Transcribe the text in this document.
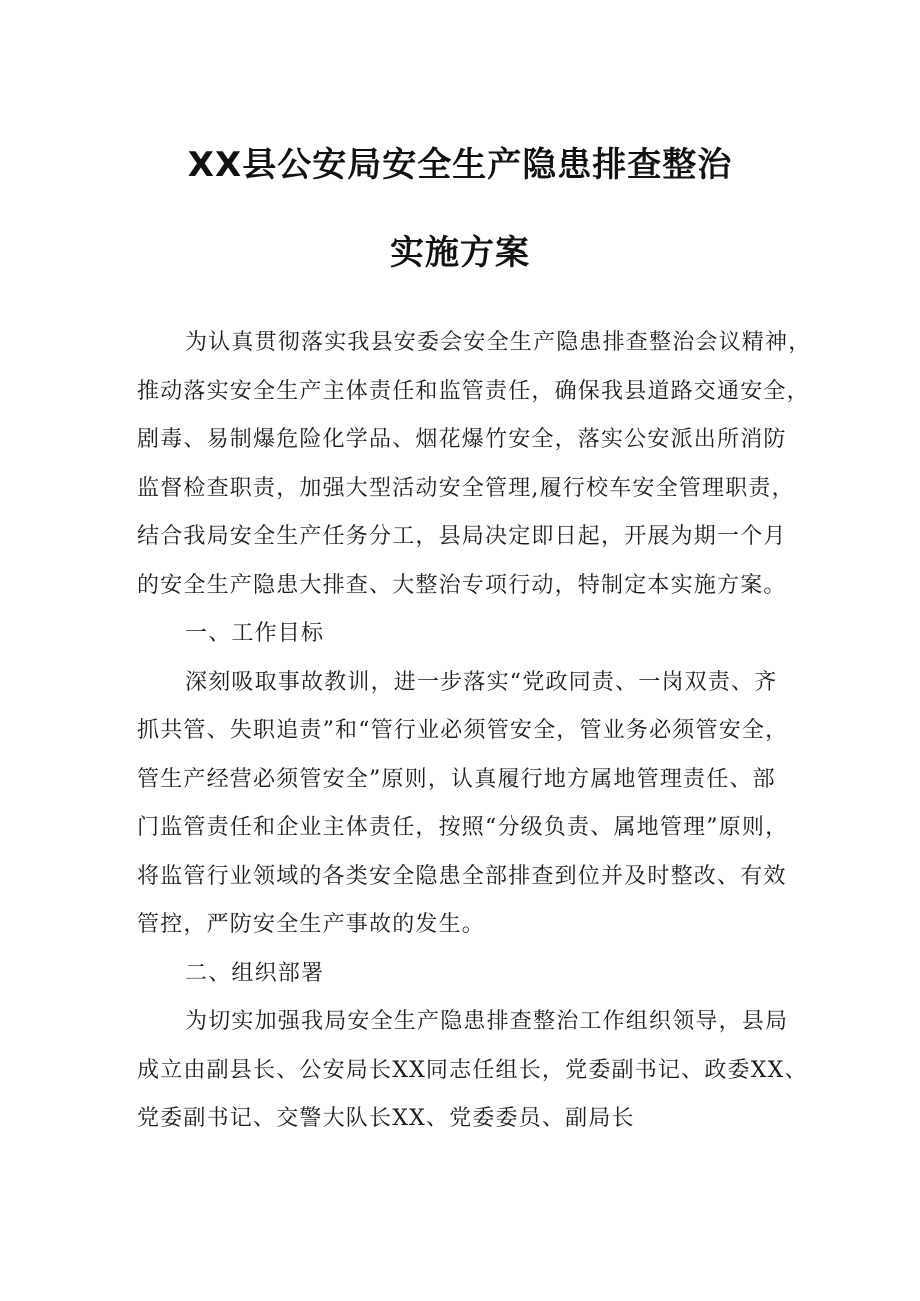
XX县公安局安全生产隐患排查整治
实施方案
为认真贯彻落实我县安委会安全生产隐患排查整治会议精神，
推动落实安全生产主体责任和监管责任，确保我县道路交通安全，
剧毒、易制爆危险化学品、烟花爆竹安全，落实公安派出所消防
监督检查职责，加强大型活动安全管理,履行校车安全管理职责，
结合我局安全生产任务分工，县局决定即日起，开展为期一个月
的安全生产隐患大排查、大整治专项行动，特制定本实施方案。
一、工作目标
深刻吸取事故教训，进一步落实“党政同责、一岗双责、齐
抓共管、失职追责”和“管行业必须管安全，管业务必须管安全，
管生产经营必须管安全”原则，认真履行地方属地管理责任、部
门监管责任和企业主体责任，按照“分级负责、属地管理”原则，
将监管行业领域的各类安全隐患全部排查到位并及时整改、有效
管控，严防安全生产事故的发生。
二、组织部署
为切实加强我局安全生产隐患排查整治工作组织领导，县局
成立由副县长、公安局长XX同志任组长，党委副书记、政委XX、
党委副书记、交警大队长XX、党委委员、副局长
